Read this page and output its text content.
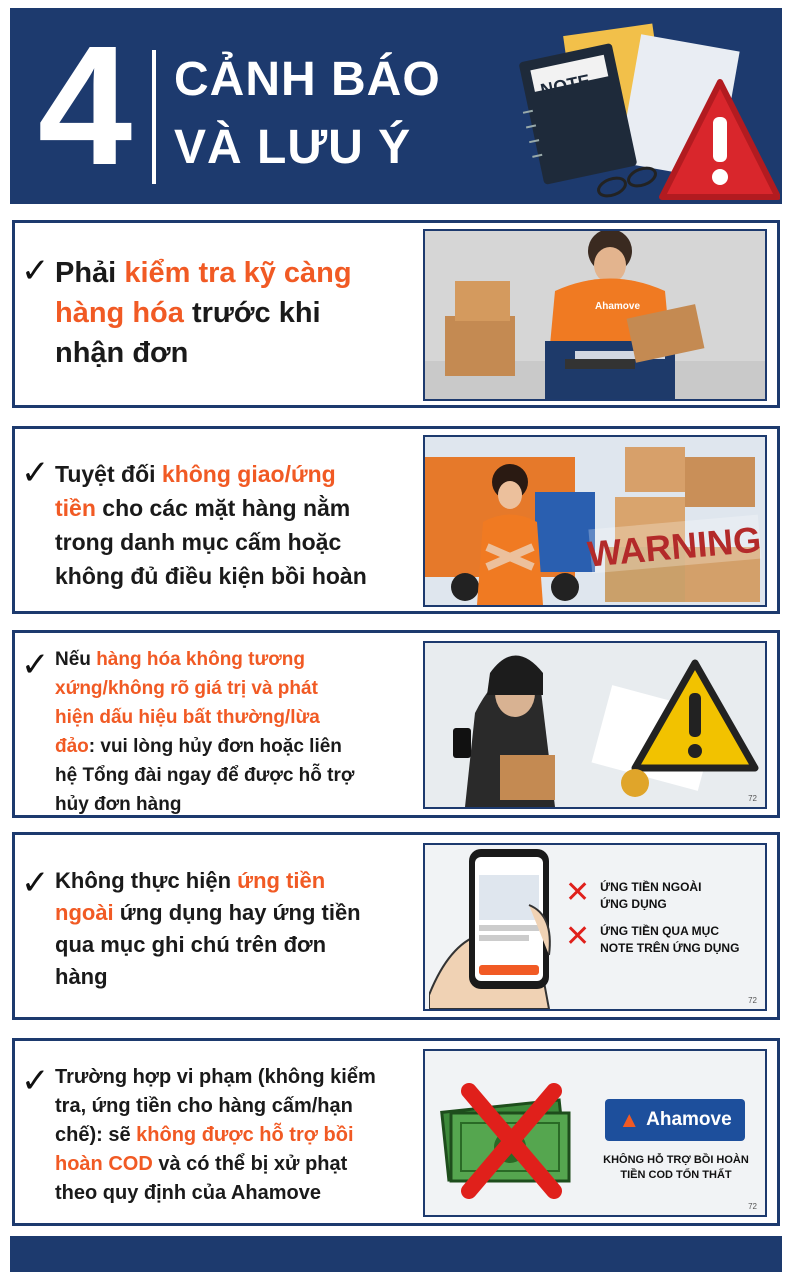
4 CẢNH BÁO
VÀ LƯU Ý
NOTE
✓ Phải kiểm tra kỹ càng
hàng hóa trước khi
nhận đơn
Ahamove
✓ Tuyệt đối không giao/ứng
tiền cho các mặt hàng nằm
trong danh mục cấm hoặc
không đủ điều kiện bồi hoàn
WARNING
✓ Nếu hàng hóa không tương
xứng/không rõ giá trị và phát
hiện dấu hiệu bất thường/lừa
đảo: vui lòng hủy đơn hoặc liên
hệ Tổng đài ngay để được hỗ trợ
hủy đơn hàng	72
✓ Không thực hiện ứng tiền
ngoài ứng dụng hay ứng tiền
qua mục ghi chú trên đơn
hàng
✕ ỨNG TIỀN NGOÀI
ỨNG DỤNG
✕ ỨNG TIỀN QUA MỤC
NOTE TRÊN ỨNG DỤNG
72
✓ Trường hợp vi phạm (không kiểm
tra, ứng tiền cho hàng cấm/hạn
chế): sẽ không được hỗ trợ bồi
hoàn COD và có thể bị xử phạt
theo quy định của Ahamove
▲ Ahamove
KHÔNG HỖ TRỢ BỒI HOÀN
TIỀN COD TỔN THẤT
72
